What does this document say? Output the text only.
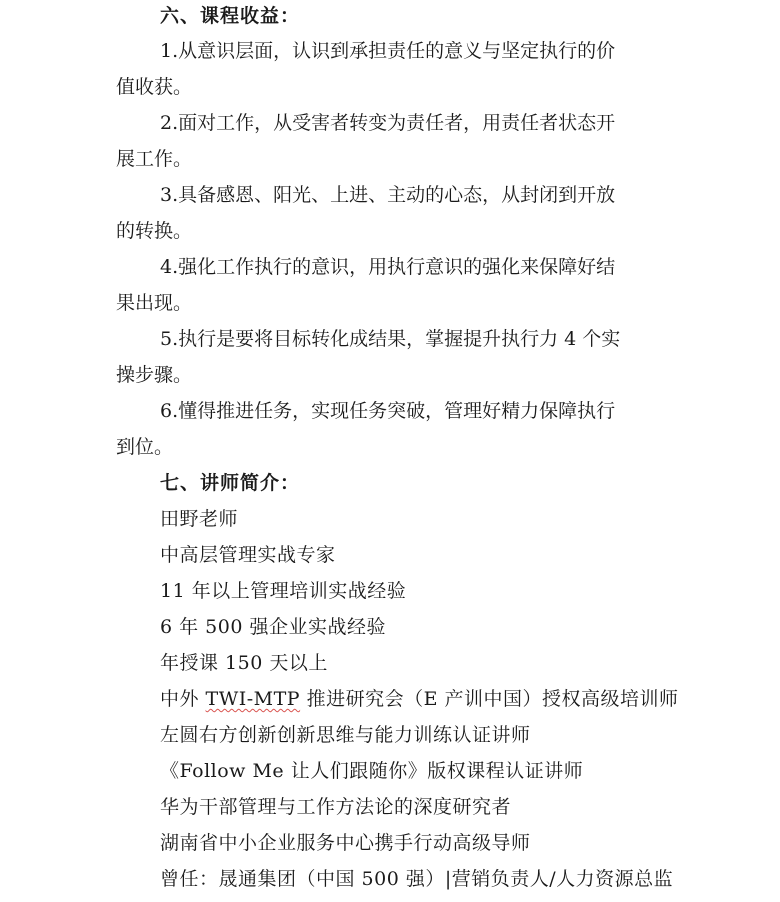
六、课程收益：
1.从意识层面，认识到承担责任的意义与坚定执行的价
值收获。
2.面对工作，从受害者转变为责任者，用责任者状态开
展工作。
3.具备感恩、阳光、上进、主动的心态，从封闭到开放
的转换。
4.强化工作执行的意识，用执行意识的强化来保障好结
果出现。
5.执行是要将目标转化成结果，掌握提升执行力 4 个实
操步骤。
6.懂得推进任务，实现任务突破，管理好精力保障执行
到位。
七、讲师简介：
田野老师
中高层管理实战专家
11 年以上管理培训实战经验
6 年 500 强企业实战经验
年授课 150 天以上
中外 TWI-MTP 推进研究会（E 产训中国）授权高级培训师
左圆右方创新创新思维与能力训练认证讲师
《Follow Me 让人们跟随你》版权课程认证讲师
华为干部管理与工作方法论的深度研究者
湖南省中小企业服务中心携手行动高级导师
曾任：晟通集团（中国 500 强）|营销负责人/人力资源总监
